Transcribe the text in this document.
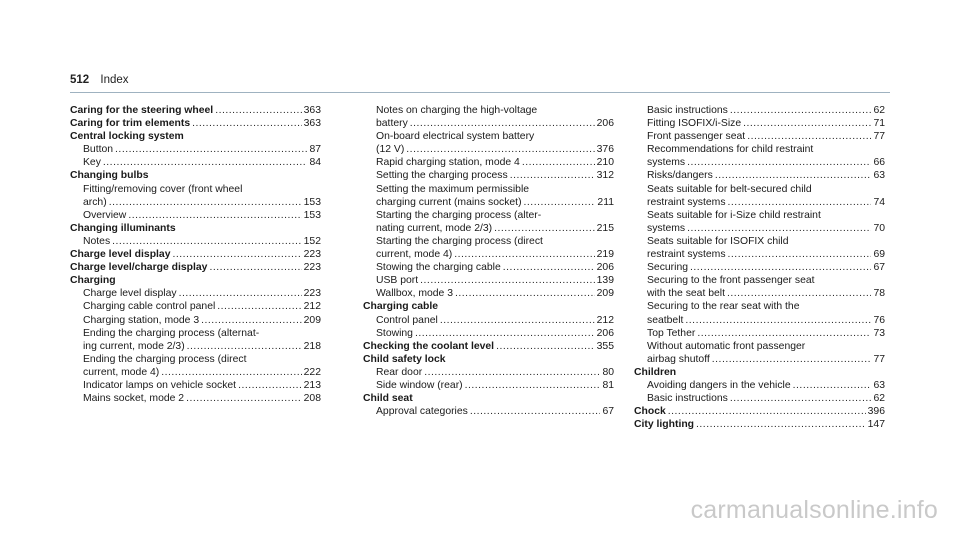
512 Index
Caring for the steering wheel .....	363
Caring for trim elements .....	363
Central locking system
Button .....	87
Key .....	84
Changing bulbs
Fitting/removing cover (front wheel
arch) .....	153
Overview .....	153
Changing illuminants
Notes .....	152
Charge level display .....	223
Charge level/charge display .....	223
Charging
Charge level display .....	223
Charging cable control panel .....	212
Charging station, mode 3 .....	209
Ending the charging process (alternat-
ing current, mode 2/3) .....	218
Ending the charging process (direct
current, mode 4) .....	222
Indicator lamps on vehicle socket .....	213
Mains socket, mode 2 .....	208
Notes on charging the high-voltage
battery .....	206
On-board electrical system battery
(12 V) .....	376
Rapid charging station, mode 4 .....	210
Setting the charging process .....	312
Setting the maximum permissible
charging current (mains socket) .....	211
Starting the charging process (alter-
nating current, mode 2/3) .....	215
Starting the charging process (direct
current, mode 4) .....	219
Stowing the charging cable .....	206
USB port .....	139
Wallbox, mode 3 .....	209
Charging cable
Control panel .....	212
Stowing .....	206
Checking the coolant level .....	355
Child safety lock
Rear door .....	80
Side window (rear) .....	81
Child seat
Approval categories .....	67
Basic instructions .....	62
Fitting ISOFIX/i-Size .....	71
Front passenger seat .....	77
Recommendations for child restraint
systems .....	66
Risks/dangers .....	63
Seats suitable for belt-secured child
restraint systems .....	74
Seats suitable for i-Size child restraint
systems .....	70
Seats suitable for ISOFIX child
restraint systems .....	69
Securing .....	67
Securing to the front passenger seat
with the seat belt .....	78
Securing to the rear seat with the
seatbelt .....	76
Top Tether .....	73
Without automatic front passenger
airbag shutoff .....	77
Children
Avoiding dangers in the vehicle .....	63
Basic instructions .....	62
Chock .....	396
City lighting .....	147
carmanualsonline.info
